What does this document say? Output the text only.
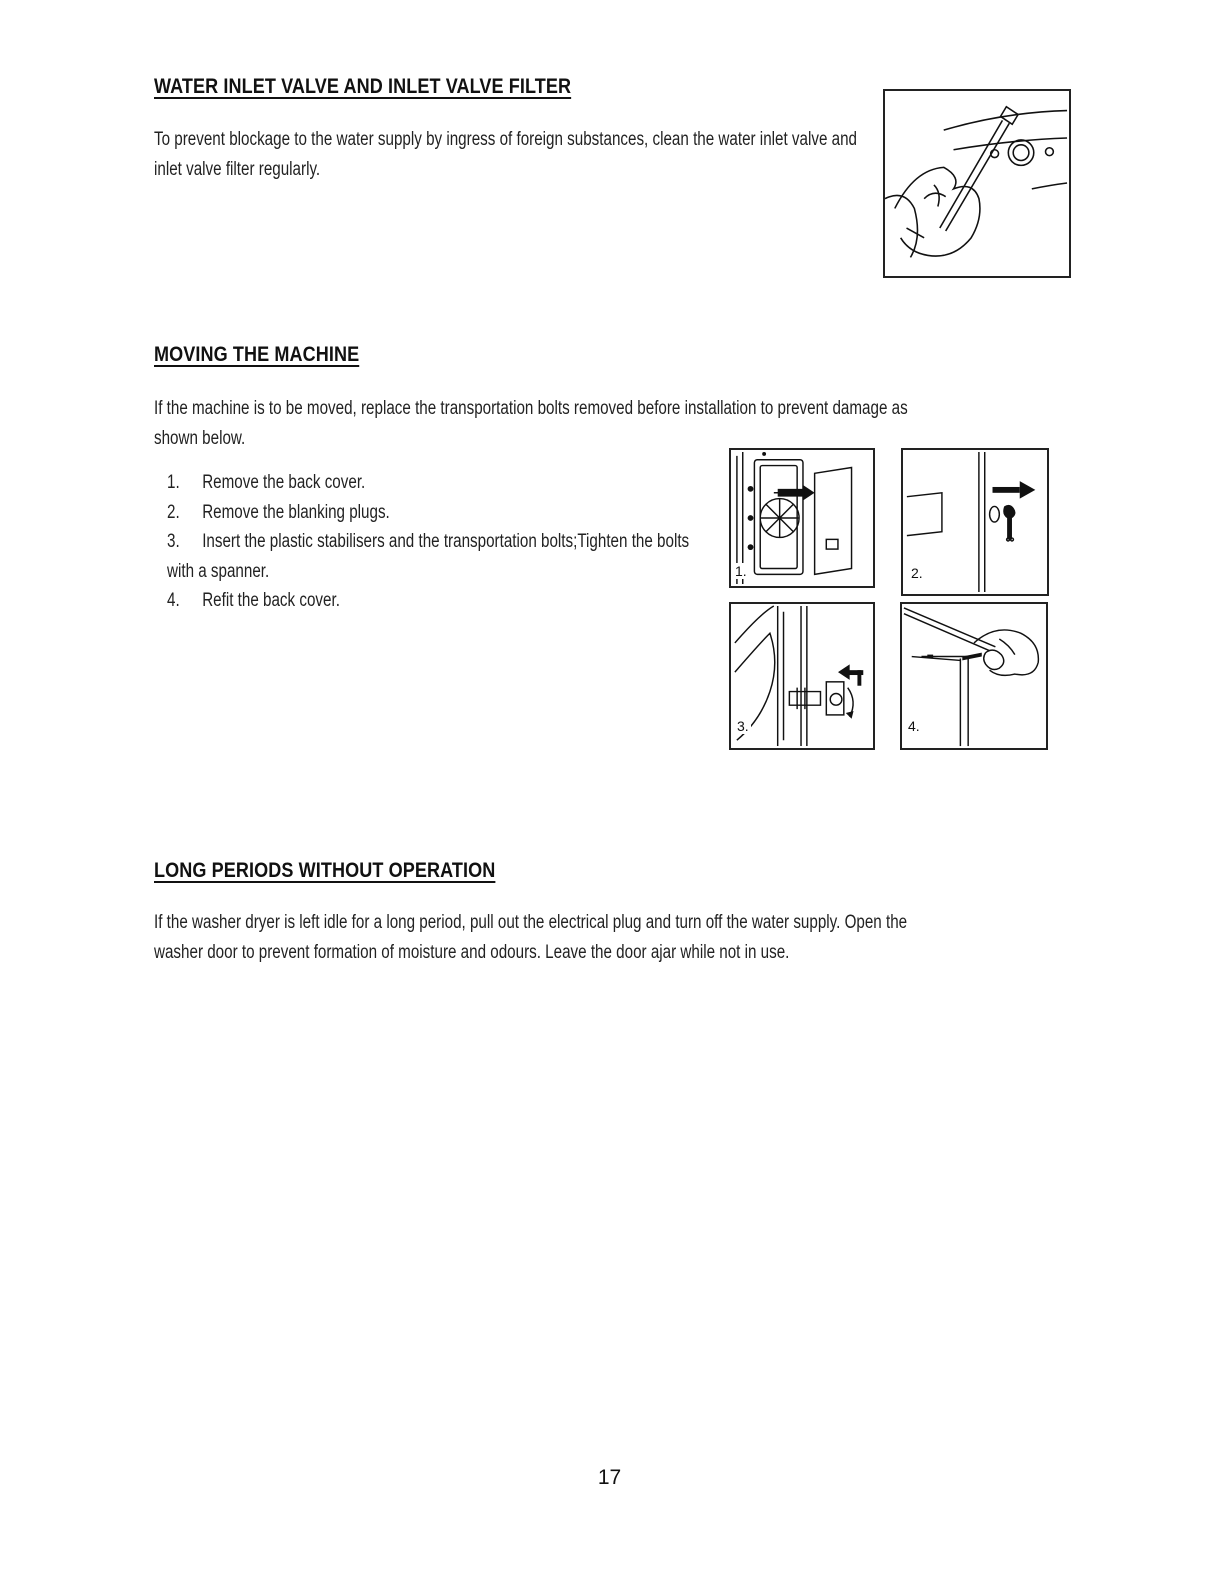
WATER INLET VALVE AND INLET VALVE FILTER

To prevent blockage to the water supply by ingress of foreign substances, clean the water inlet valve and inlet valve filter regularly.

MOVING THE MACHINE

If the machine is to be moved, replace the transportation bolts removed before installation to prevent damage as shown below.

1. Remove the back cover.
2. Remove the blanking plugs.
3. Insert the plastic stabilisers and the transportation bolts;Tighten the bolts
with a spanner.
4. Refit the back cover.
1.	2.
3.	4.
LONG PERIODS WITHOUT OPERATION

If the washer dryer is left idle for a long period, pull out the electrical plug and turn off the water supply. Open the washer door to prevent formation of moisture and odours. Leave the door ajar while not in use.

17
